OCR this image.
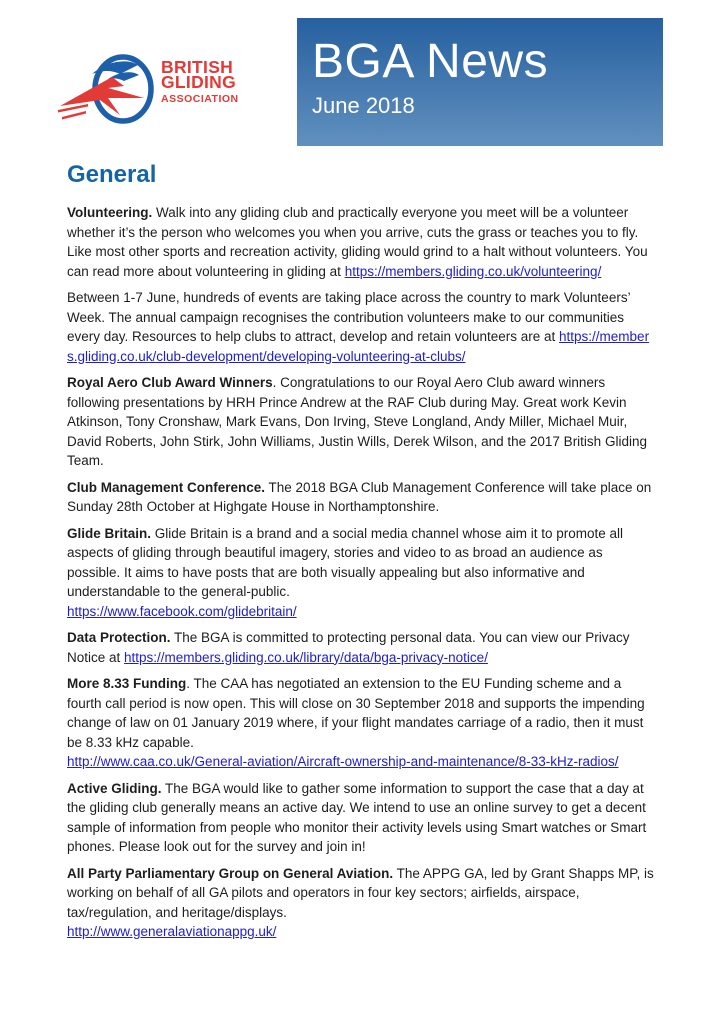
BRITISH
GLIDING
ASSOCIATION
BGA News
June 2018
General

Volunteering. Walk into any gliding club and practically everyone you meet will be a volunteer whether it’s the person who welcomes you when you arrive, cuts the grass or teaches you to fly. Like most other sports and recreation activity, gliding would grind to a halt without volunteers. You can read more about volunteering in gliding at https://members.gliding.co.uk/volunteering/

Between 1-7 June, hundreds of events are taking place across the country to mark Volunteers’ Week. The annual campaign recognises the contribution volunteers make to our communities every day. Resources to help clubs to attract, develop and retain volunteers are at https://members.gliding.co.uk/club-development/developing-volunteering-at-clubs/

Royal Aero Club Award Winners. Congratulations to our Royal Aero Club award winners following presentations by HRH Prince Andrew at the RAF Club during May. Great work Kevin Atkinson, Tony Cronshaw, Mark Evans, Don Irving, Steve Longland, Andy Miller, Michael Muir, David Roberts, John Stirk, John Williams, Justin Wills, Derek Wilson, and the 2017 British Gliding Team.

Club Management Conference. The 2018 BGA Club Management Conference will take place on Sunday 28th October at Highgate House in Northamptonshire.

Glide Britain. Glide Britain is a brand and a social media channel whose aim it to promote all aspects of gliding through beautiful imagery, stories and video to as broad an audience as possible. It aims to have posts that are both visually appealing but also informative and understandable to the general-public.
https://www.facebook.com/glidebritain/

Data Protection. The BGA is committed to protecting personal data. You can view our Privacy Notice at https://members.gliding.co.uk/library/data/bga-privacy-notice/

More 8.33 Funding. The CAA has negotiated an extension to the EU Funding scheme and a fourth call period is now open. This will close on 30 September 2018 and supports the impending change of law on 01 January 2019 where, if your flight mandates carriage of a radio, then it must be 8.33 kHz capable.
http://www.caa.co.uk/General-aviation/Aircraft-ownership-and-maintenance/8-33-kHz-radios/

Active Gliding. The BGA would like to gather some information to support the case that a day at the gliding club generally means an active day. We intend to use an online survey to get a decent sample of information from people who monitor their activity levels using Smart watches or Smart phones. Please look out for the survey and join in!

All Party Parliamentary Group on General Aviation. The APPG GA, led by Grant Shapps MP, is working on behalf of all GA pilots and operators in four key sectors; airfields, airspace, tax/regulation, and heritage/displays.
http://www.generalaviationappg.uk/
